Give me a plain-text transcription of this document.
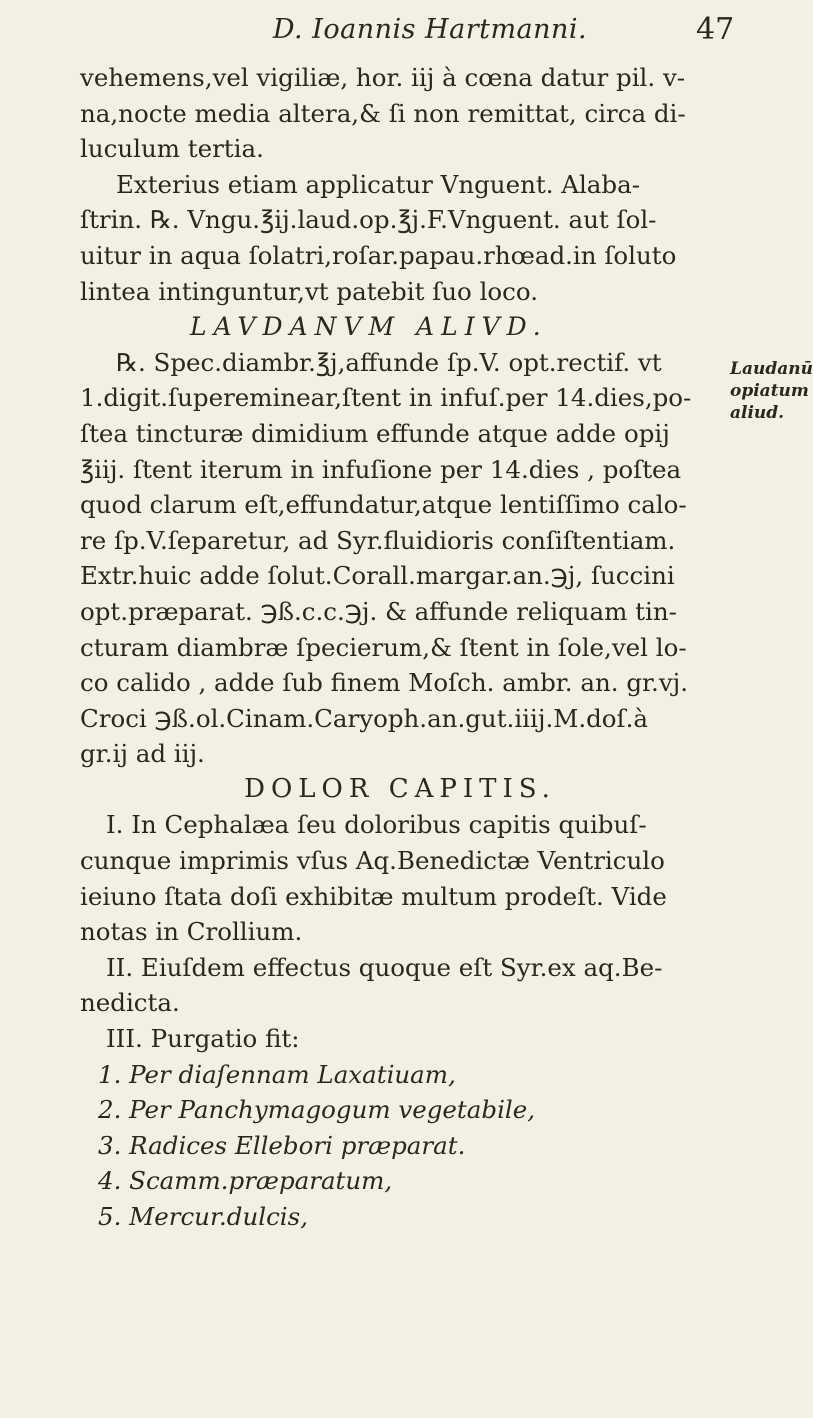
D. Ioannis Hartmanni.	47
vehemens,vel vigiliæ, hor. iij à cœna datur pil. v-
na,nocte media altera,& ſi non remittat, circa di-
luculum tertia.
Exterius etiam applicatur Vnguent. Alaba-
ſtrin. ℞. Vngu.℥ij.laud.op.℥j.F.Vnguent. aut ſol-
uitur in aqua ſolatri,roſar.papau.rhœad.in ſoluto
lintea intinguntur,vt patebit ſuo loco.
LAVDANVM ALIVD.
℞. Spec.diambr.℥j,affunde ſp.V. opt.rectif. vt
1.digit.ſupereminear,ſtent in infuſ.per 14.dies,po-
ſtea tincturæ dimidium effunde atque adde opij
℥iij. ſtent iterum in infuſione per 14.dies , poſtea
quod clarum eſt,effundatur,atque lentiſſimo calo-
re ſp.V.ſeparetur, ad Syr.fluidioris conſiſtentiam.
Extr.huic adde ſolut.Corall.margar.an.℈j, ſuccini
opt.præparat. ℈ß.c.c.℈j. & affunde reliquam tin-
cturam diambræ ſpecierum,& ſtent in ſole,vel lo-
co calido , adde ſub finem Moſch. ambr. an. gr.vj.
Croci ℈ß.ol.Cinam.Caryoph.an.gut.iiij.M.doſ.à
gr.ij ad iij.
DOLOR CAPITIS.
I. In Cephalæa ſeu doloribus capitis quibuſ-
cunque imprimis vſus Aq.Benedictæ Ventriculo
ieiuno ſtata doſi exhibitæ multum prodeſt. Vide
notas in Crollium.
II. Eiuſdem effectus quoque eſt Syr.ex aq.Be-
nedicta.
III. Purgatio fit:
1. Per diaſennam Laxatiuam,
2. Per Panchymagogum vegetabile,
3. Radices Ellebori præparat.
4. Scamm.præparatum,
5. Mercur.dulcis,
Laudanū
opiatum
aliud.
